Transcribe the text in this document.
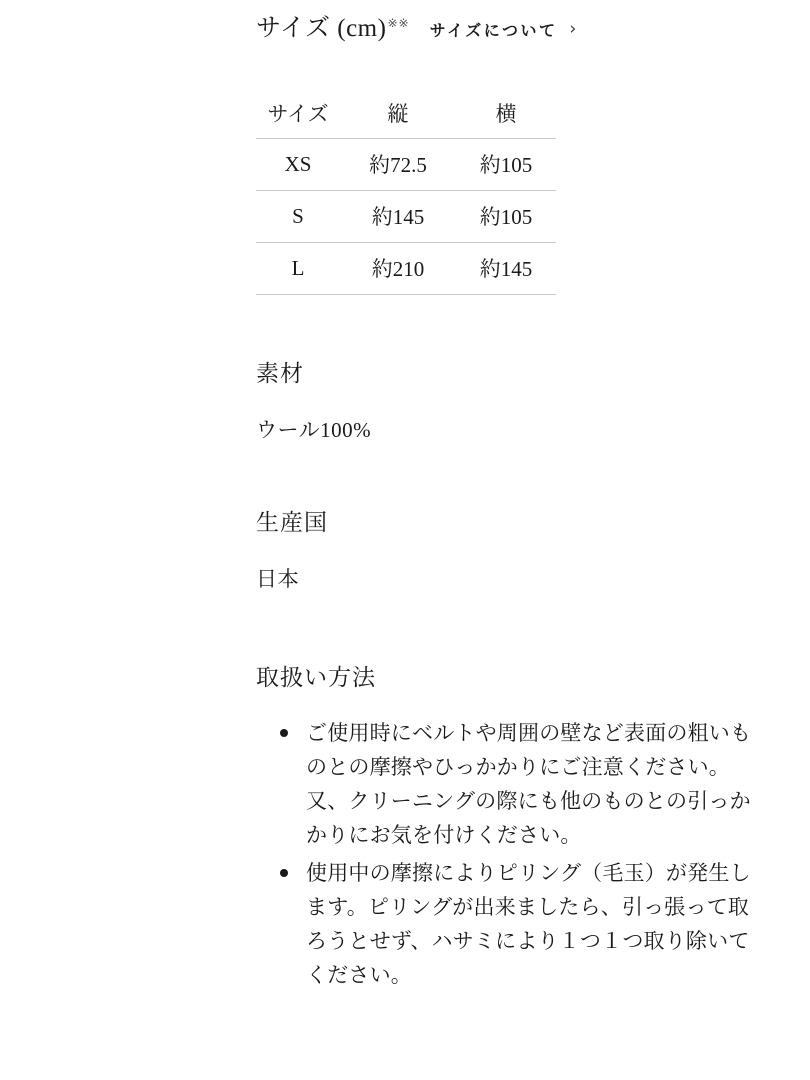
サイズ (cm) ※※ サイズについて ›
サイズ	縦	横
XS	約72.5	約105
S	約145	約105
L	約210	約145
素材
ウール100%
生産国
日本
取扱い方法
ご使用時にベルトや周囲の壁など表面の粗いものとの摩擦やひっかかりにご注意ください。又、クリーニングの際にも他のものとの引っかかりにお気を付けください。
使用中の摩擦によりピリング（毛玉）が発生します。ピリングが出来ましたら、引っ張って取ろうとせず、ハサミにより１つ１つ取り除いてください。
